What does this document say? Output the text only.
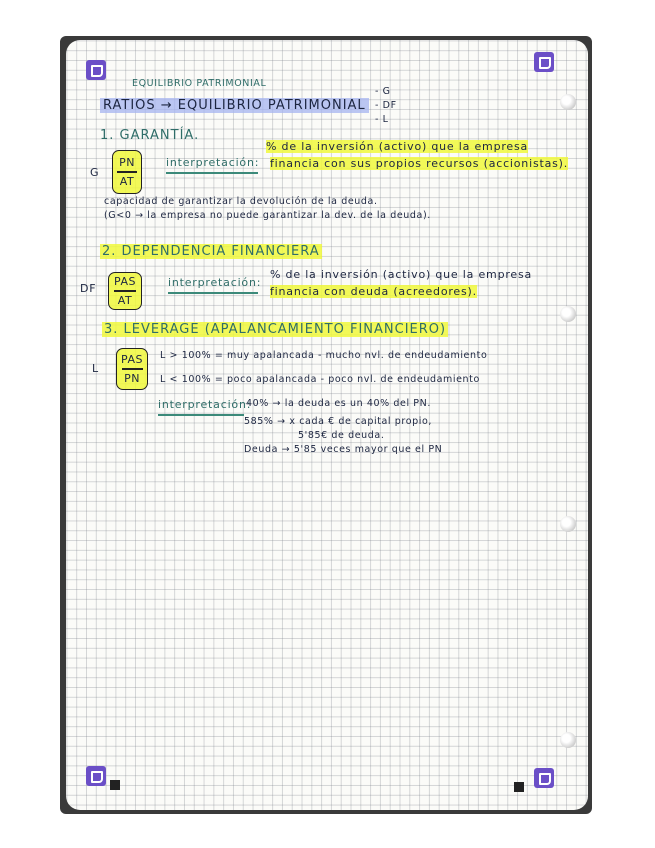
EQUILIBRIO PATRIMONIAL
RATIOS → EQUILIBRIO PATRIMONIAL
- G
- DF
- L
1. GARANTÍA.
G
PN
AT
interpretación:
% de la inversión (activo) que la empresa
financia con sus propios recursos (accionistas).
capacidad de garantizar la devolución de la deuda.
(G<0 → la empresa no puede garantizar la dev. de la deuda).
2. DEPENDENCIA FINANCIERA
DF
PAS
AT
interpretación:
% de la inversión (activo) que la empresa
financia con deuda (acreedores).
3. LEVERAGE (APALANCAMIENTO FINANCIERO)
L
PAS
PN
L > 100% = muy apalancada - mucho nvl. de endeudamiento
L < 100% = poco apalancada - poco nvl. de endeudamiento
interpretación:
40% → la deuda es un 40% del PN.
585% → x cada € de capital propio,
5'85€ de deuda.
Deuda → 5'85 veces mayor que el PN
